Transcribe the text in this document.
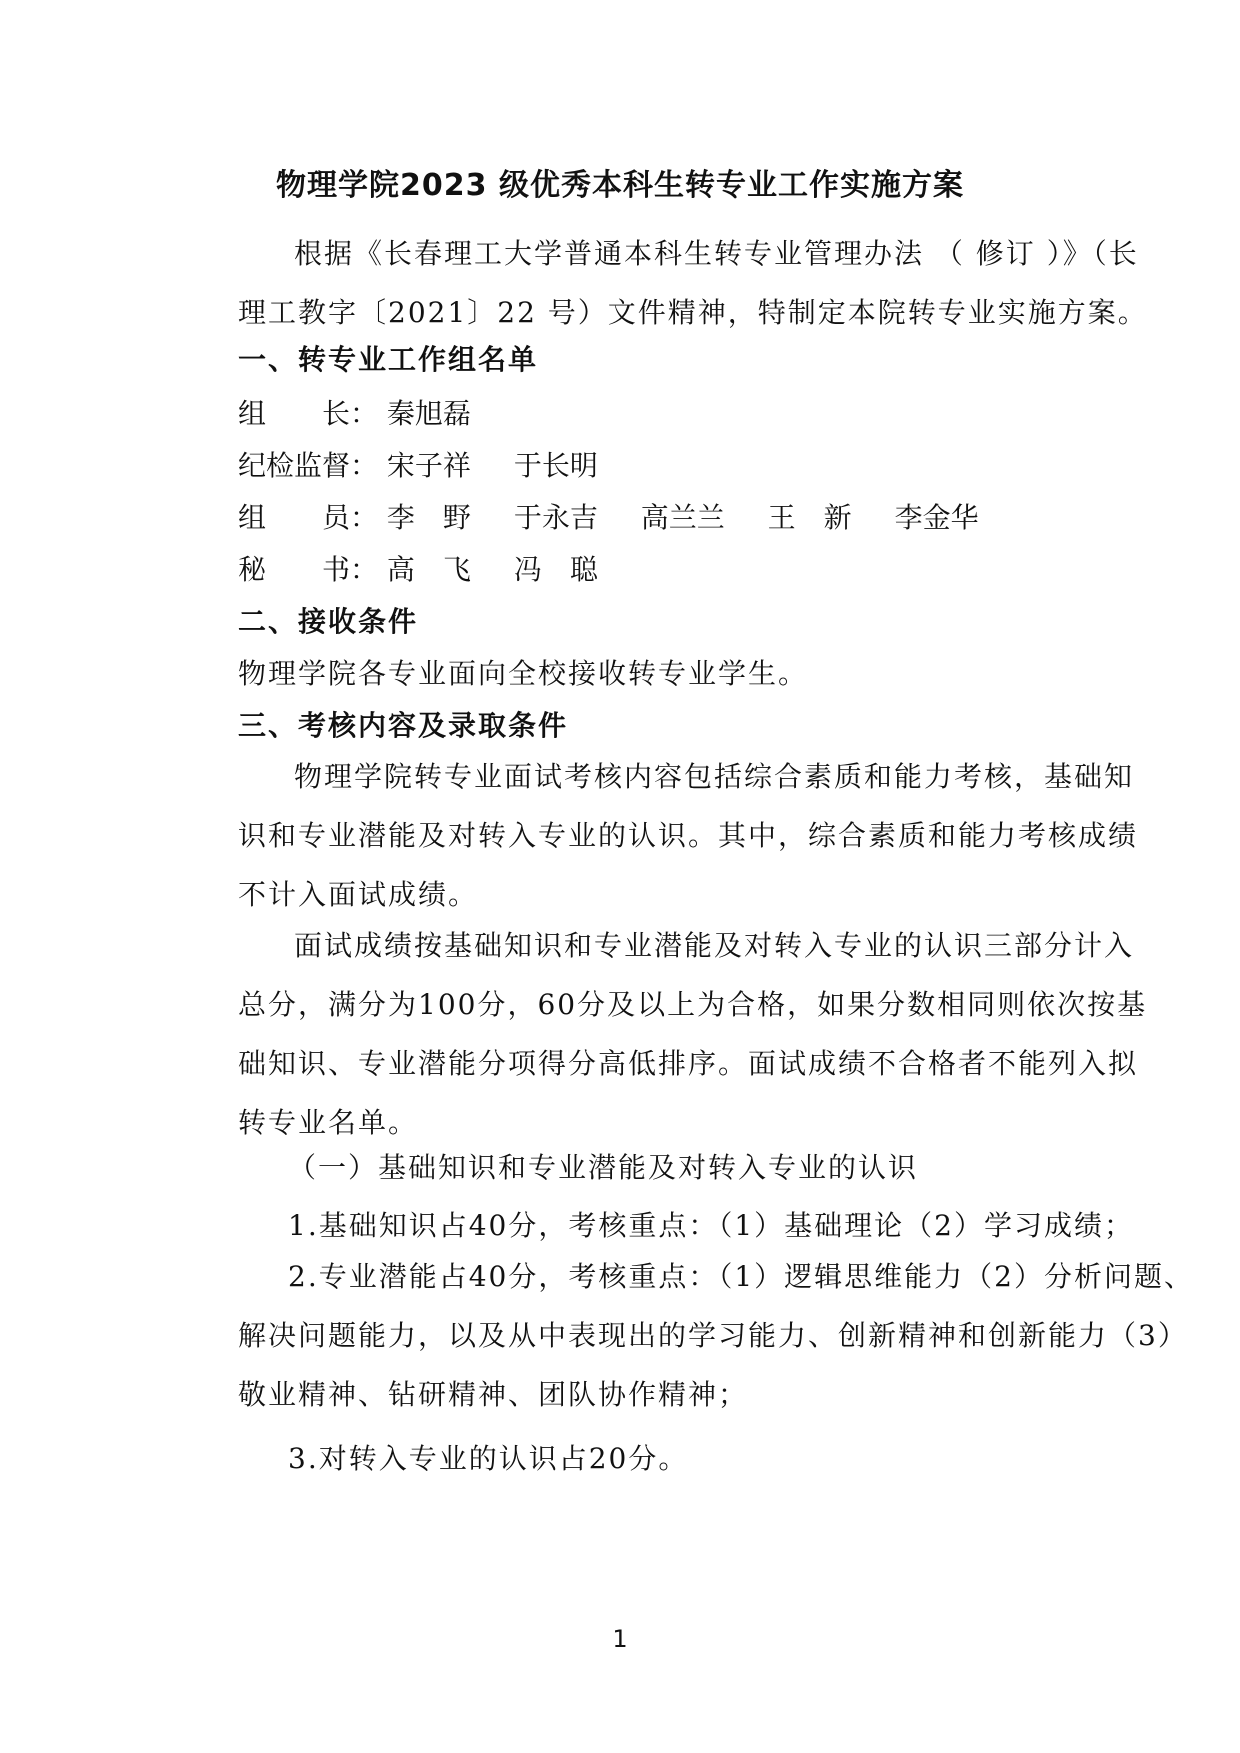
物理学院2023 级优秀本科生转专业工作实施方案
根据《长春理工大学普通本科生转专业管理办法 （ 修订 ）》（长
理工教字〔2021〕22 号）文件精神，特制定本院转专业实施方案。
一、转专业工作组名单
组长： 秦旭磊
纪检监督： 宋子祥 于长明
组员： 李　野 于永吉 高兰兰 王　新 李金华
秘书： 高　飞 冯　聪
二、接收条件
物理学院各专业面向全校接收转专业学生。
三、考核内容及录取条件
物理学院转专业面试考核内容包括综合素质和能力考核，基础知
识和专业潜能及对转入专业的认识。其中，综合素质和能力考核成绩
不计入面试成绩。
面试成绩按基础知识和专业潜能及对转入专业的认识三部分计入
总分，满分为100分，60分及以上为合格，如果分数相同则依次按基
础知识、专业潜能分项得分高低排序。面试成绩不合格者不能列入拟
转专业名单。
（一）基础知识和专业潜能及对转入专业的认识
1.基础知识占40分，考核重点：（1）基础理论（2）学习成绩；
2.专业潜能占40分，考核重点：（1）逻辑思维能力（2）分析问题、
解决问题能力，以及从中表现出的学习能力、创新精神和创新能力（3）
敬业精神、钻研精神、团队协作精神；
3.对转入专业的认识占20分。
1
